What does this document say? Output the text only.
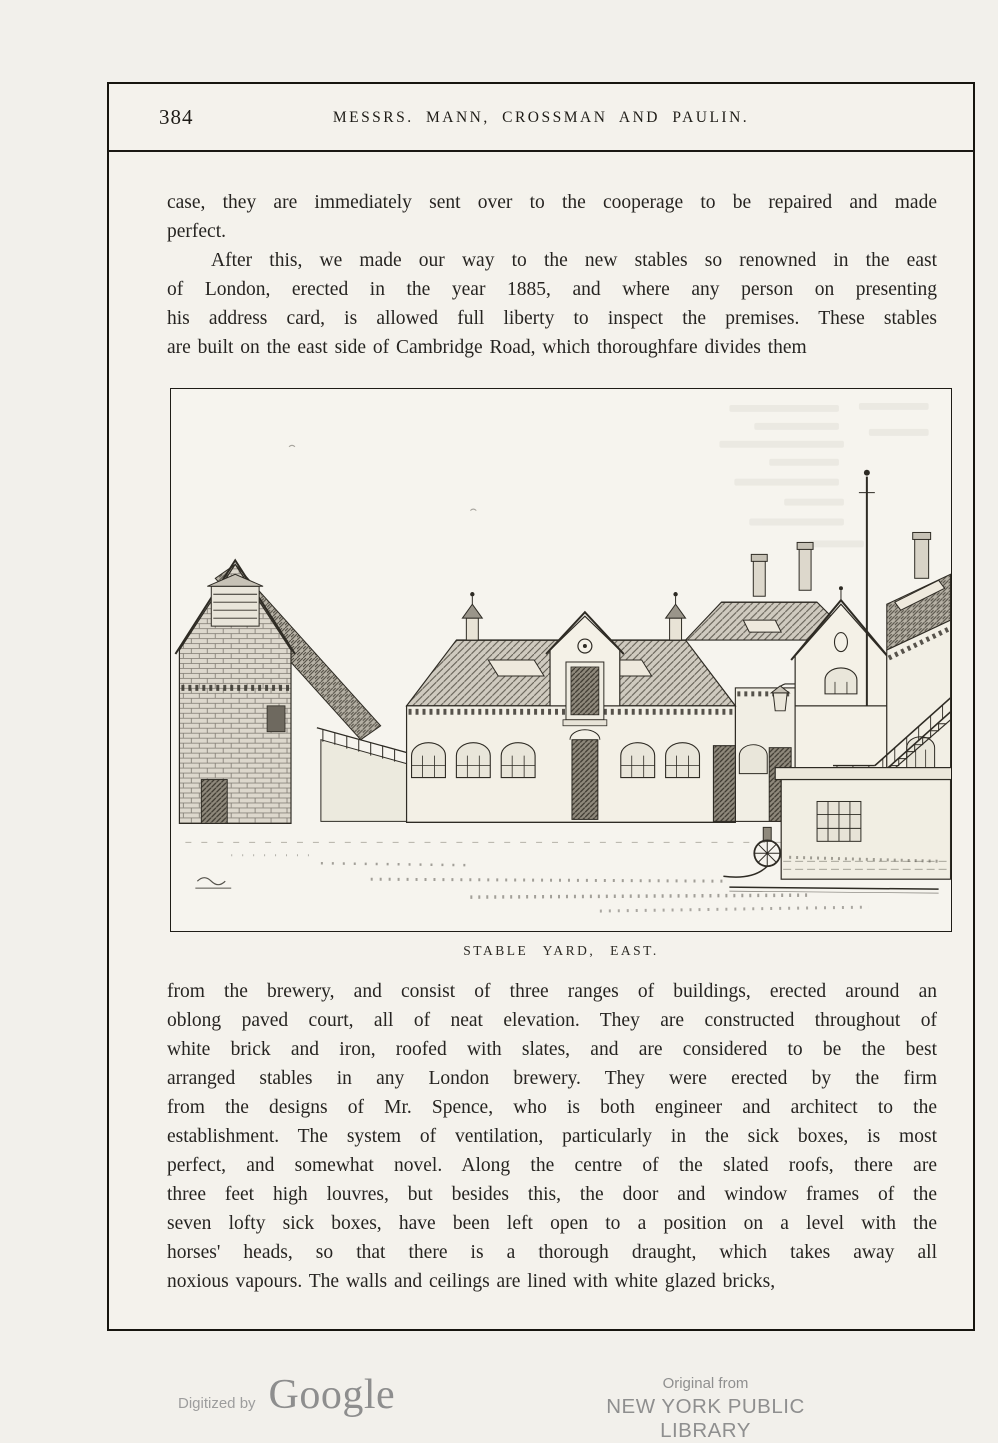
384	MESSRS. MANN, CROSSMAN AND PAULIN.
case, they are immediately sent over to the cooperage to be repaired and made
perfect.
After this, we made our way to the new stables so renowned in the east
of London, erected in the year 1885, and where any person on presenting
his address card, is allowed full liberty to inspect the premises. These stables
are built on the east side of Cambridge Road, which thoroughfare divides them
STABLE YARD, EAST.
from the brewery, and consist of three ranges of buildings, erected around an
oblong paved court, all of neat elevation. They are constructed throughout of
white brick and iron, roofed with slates, and are considered to be the best
arranged stables in any London brewery. They were erected by the firm
from the designs of Mr. Spence, who is both engineer and architect to the
establishment. The system of ventilation, particularly in the sick boxes, is most
perfect, and somewhat novel. Along the centre of the slated roofs, there are
three feet high louvres, but besides this, the door and window frames of the
seven lofty sick boxes, have been left open to a position on a level with the
horses' heads, so that there is a thorough draught, which takes away all
noxious vapours. The walls and ceilings are lined with white glazed bricks,
Digitized by Google	Original from
NEW YORK PUBLIC LIBRARY
